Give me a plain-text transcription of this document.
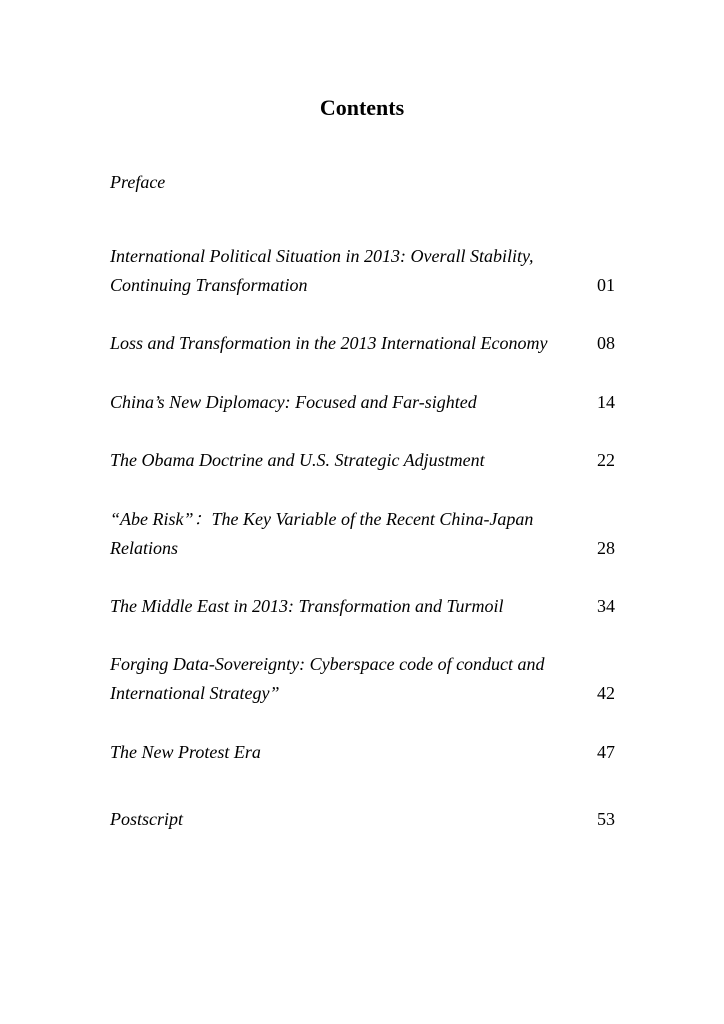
Contents
Preface
International Political Situation in 2013: Overall Stability,
Continuing Transformation	01
Loss and Transformation in the 2013 International Economy	08
China’s New Diplomacy: Focused and Far-sighted	14
The Obama Doctrine and U.S. Strategic Adjustment	22
“Abe Risk”：The Key Variable of the Recent China-Japan
Relations	28
The Middle East in 2013: Transformation and Turmoil	34
Forging Data-Sovereignty: Cyberspace code of conduct and
International Strategy”	42
The New Protest Era	47
Postscript	53
